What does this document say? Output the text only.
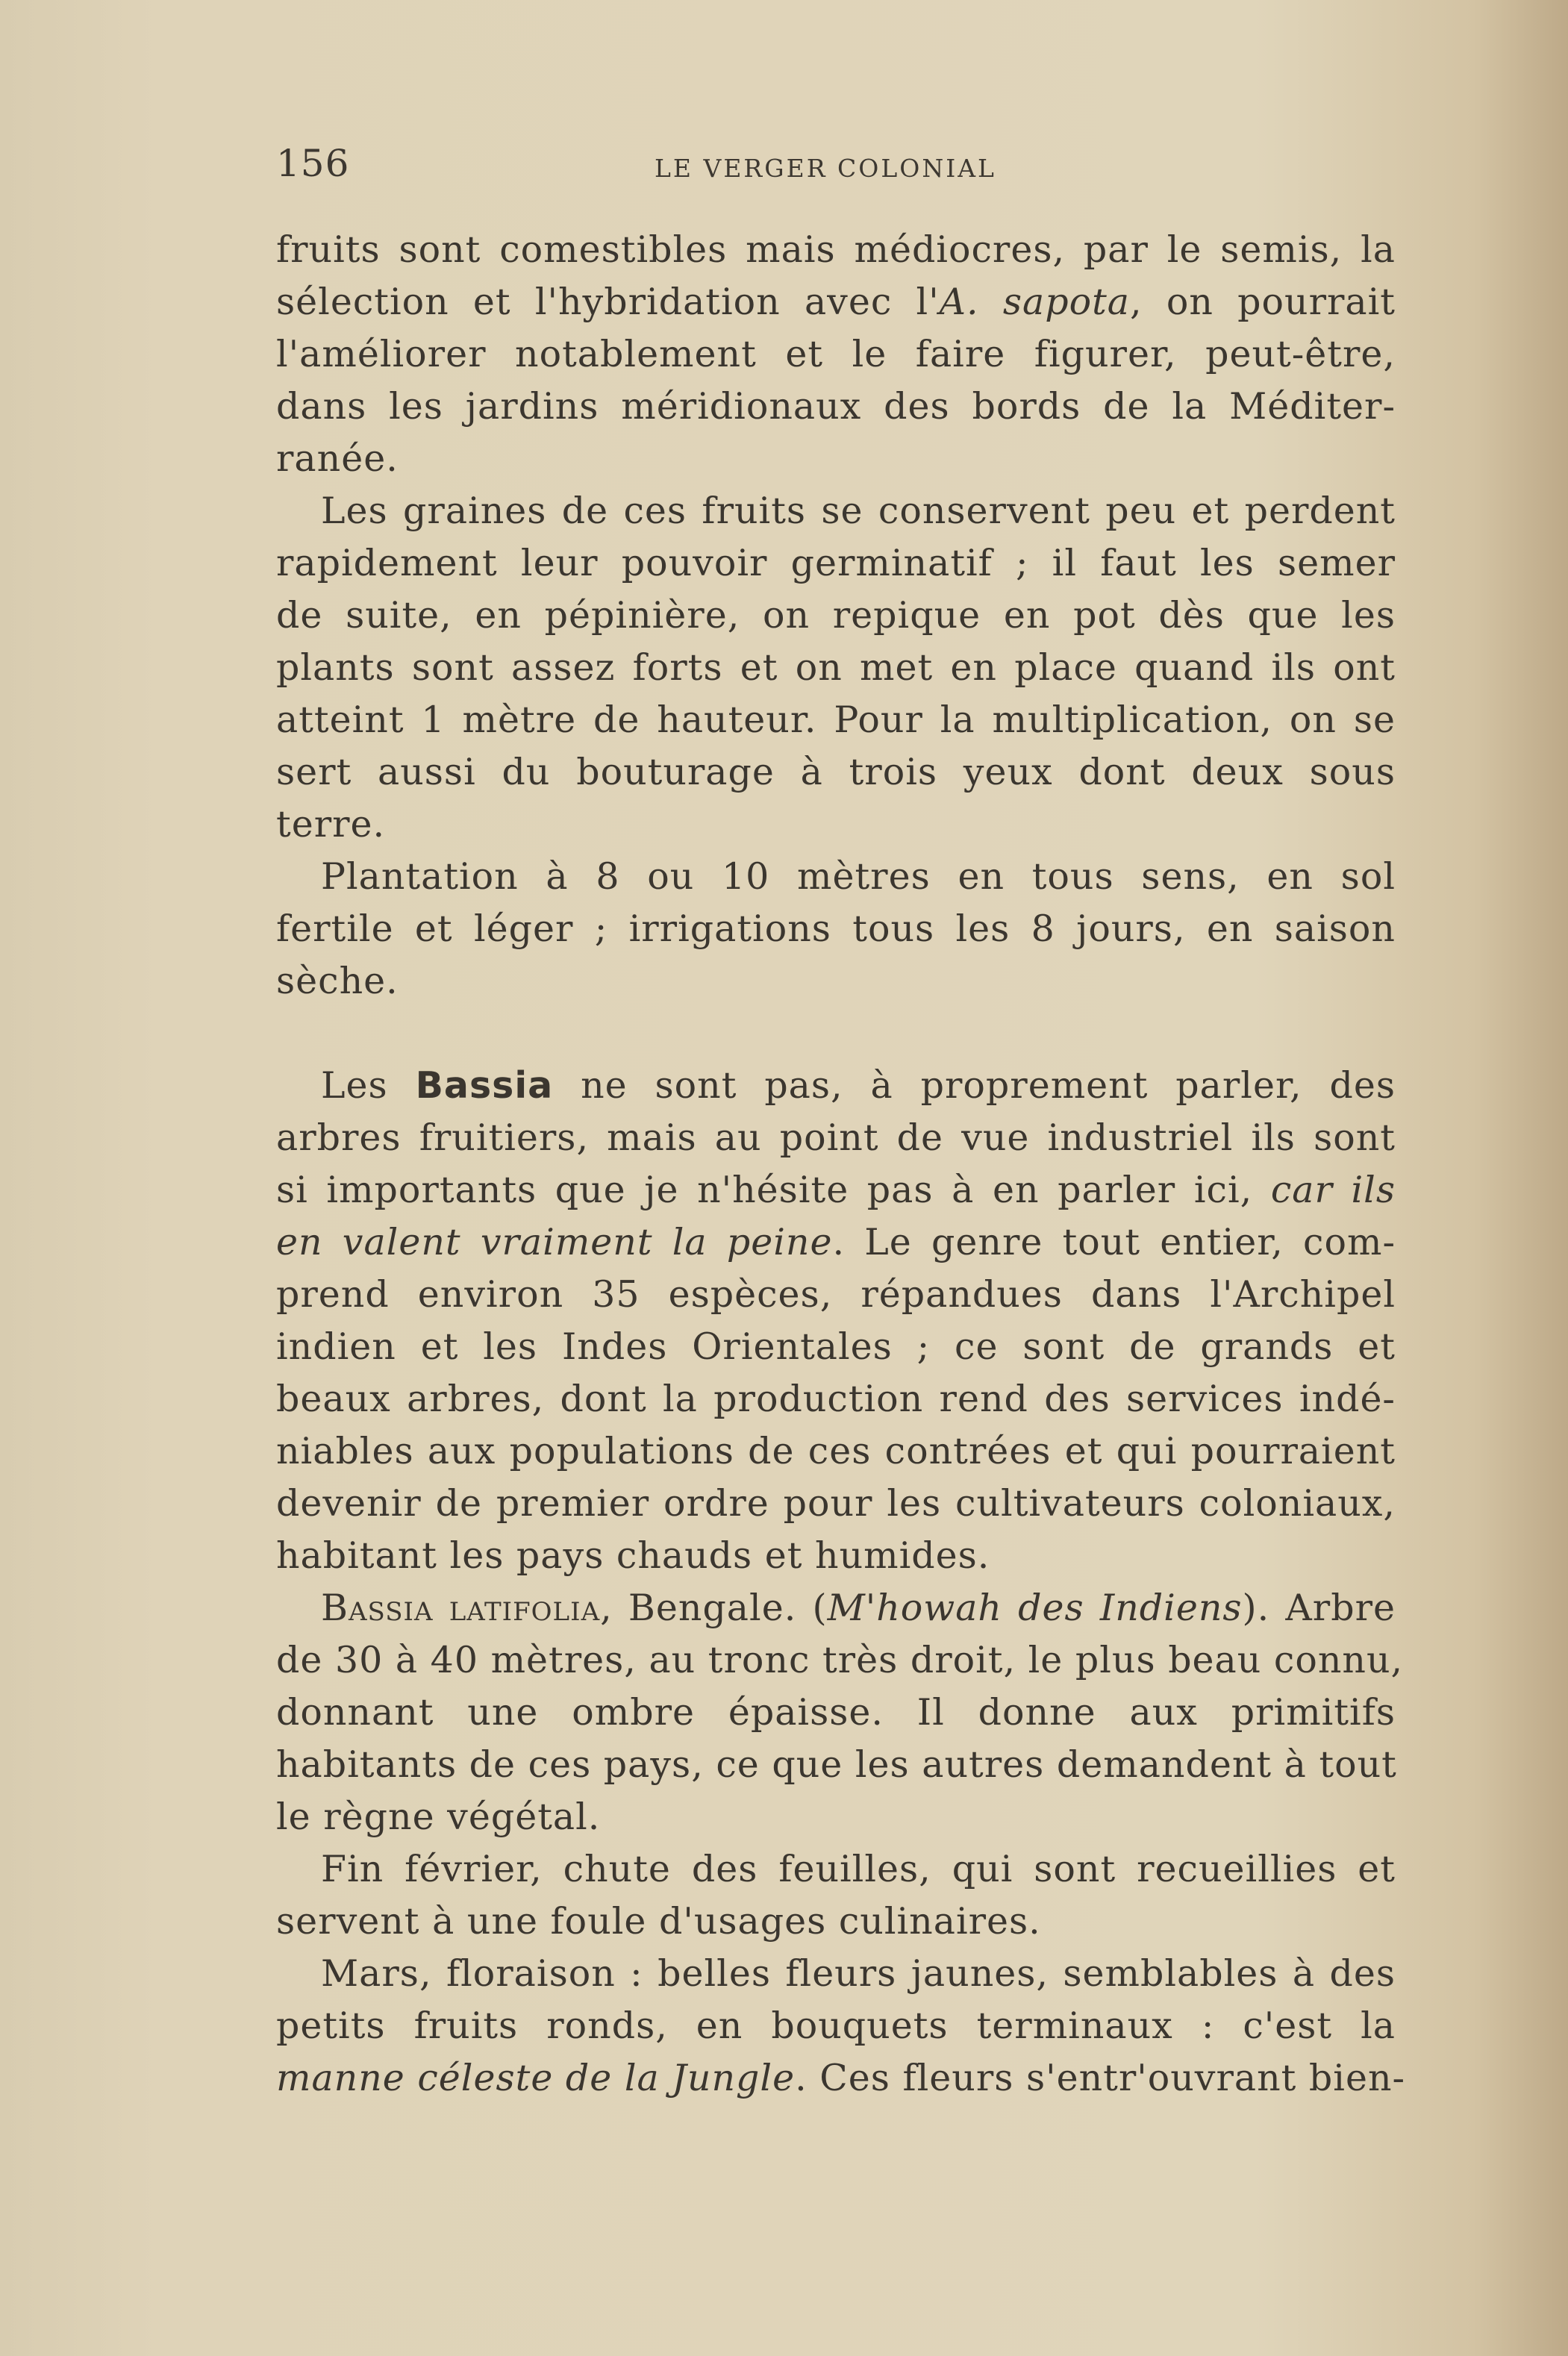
156	LE VERGER COLONIAL
fruits sont comestibles mais médiocres, par le semis, la
sélection et l'hybridation avec l'A. sapota, on pourrait
l'améliorer notablement et le faire figurer, peut-être,
dans les jardins méridionaux des bords de la Méditer-
ranée.
Les graines de ces fruits se conservent peu et perdent
rapidement leur pouvoir germinatif ; il faut les semer
de suite, en pépinière, on repique en pot dès que les
plants sont assez forts et on met en place quand ils ont
atteint 1 mètre de hauteur. Pour la multiplication, on se
sert aussi du bouturage à trois yeux dont deux sous
terre.
Plantation à 8 ou 10 mètres en tous sens, en sol
fertile et léger ; irrigations tous les 8 jours, en saison
sèche.
Les Bassia ne sont pas, à proprement parler, des
arbres fruitiers, mais au point de vue industriel ils sont
si importants que je n'hésite pas à en parler ici, car ils
en valent vraiment la peine. Le genre tout entier, com-
prend environ 35 espèces, répandues dans l'Archipel
indien et les Indes Orientales ; ce sont de grands et
beaux arbres, dont la production rend des services indé-
niables aux populations de ces contrées et qui pourraient
devenir de premier ordre pour les cultivateurs coloniaux,
habitant les pays chauds et humides.
Bassia latifolia, Bengale. (M'howah des Indiens). Arbre
de 30 à 40 mètres, au tronc très droit, le plus beau connu,
donnant une ombre épaisse. Il donne aux primitifs
habitants de ces pays, ce que les autres demandent à tout
le règne végétal.
Fin février, chute des feuilles, qui sont recueillies et
servent à une foule d'usages culinaires.
Mars, floraison : belles fleurs jaunes, semblables à des
petits fruits ronds, en bouquets terminaux : c'est la
manne céleste de la Jungle. Ces fleurs s'entr'ouvrant bien-
